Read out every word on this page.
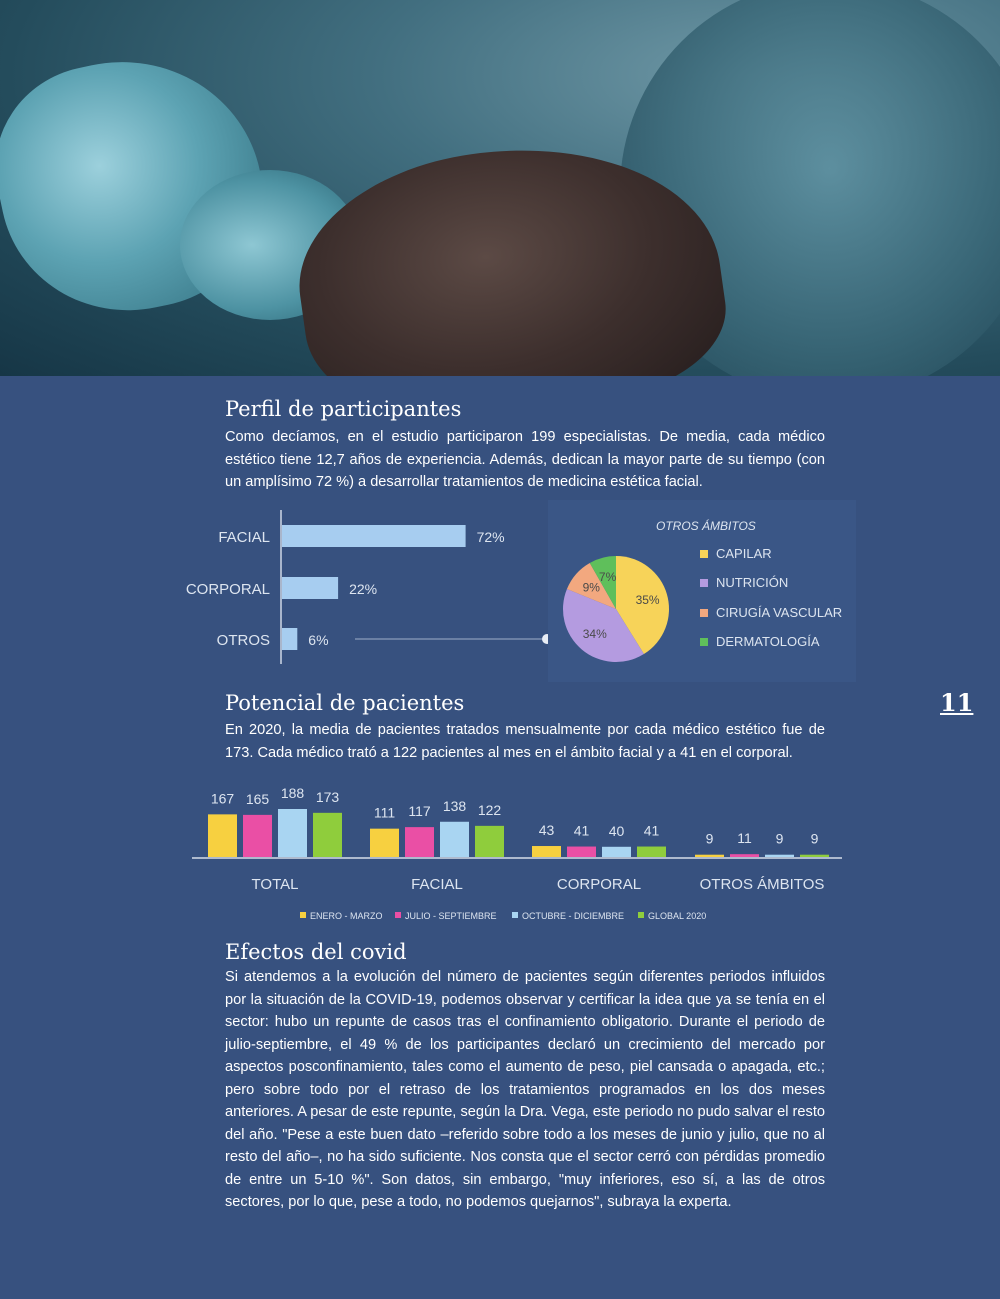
Perfil de participantes

Como decíamos, en el estudio participaron 199 especialistas. De media, cada médico estético tiene 12,7 años de experiencia. Además, dedican la mayor parte de su tiempo (con un amplísimo 72 %) a desarrollar tratamientos de medicina estética facial.

FACIAL	72%
CORPORAL	22%
OTROS	6%
OTROS ÁMBITOS
35%
34%
9%
7%
CAPILAR
NUTRICIÓN
CIRUGÍA VASCULAR
DERMATOLOGÍA
Potencial de pacientes

En 2020, la media de pacientes tratados mensualmente por cada médico estético fue de 173. Cada médico trató a 122 pacientes al mes en el ámbito facial y a 41 en el corporal.

11
167 165 188 173
TOTAL
111 117 138 122
FACIAL
43 41 40 41
CORPORAL
9 11 9 9
OTROS ÁMBITOS
ENERO - MARZO JULIO - SEPTIEMBRE	OCTUBRE - DICIEMBRE	GLOBAL 2020
Efectos del covid

Si atendemos a la evolución del número de pacientes según diferentes periodos influidos por la situación de la COVID-19, podemos observar y certificar la idea que ya se tenía en el sector: hubo un repunte de casos tras el confinamiento obligatorio. Durante el periodo de julio-septiembre, el 49 % de los participantes declaró un crecimiento del mercado por aspectos posconfinamiento, tales como el aumento de peso, piel cansada o apagada, etc.; pero sobre todo por el retraso de los tratamientos programados en los dos meses anteriores. A pesar de este repunte, según la Dra. Vega, este periodo no pudo salvar el resto del año. "Pese a este buen dato –referido sobre todo a los meses de junio y julio, que no al resto del año–, no ha sido suficiente. Nos consta que el sector cerró con pérdidas promedio de entre un 5-10 %". Son datos, sin embargo, "muy inferiores, eso sí, a las de otros sectores, por lo que, pese a todo, no podemos quejarnos", subraya la experta.
